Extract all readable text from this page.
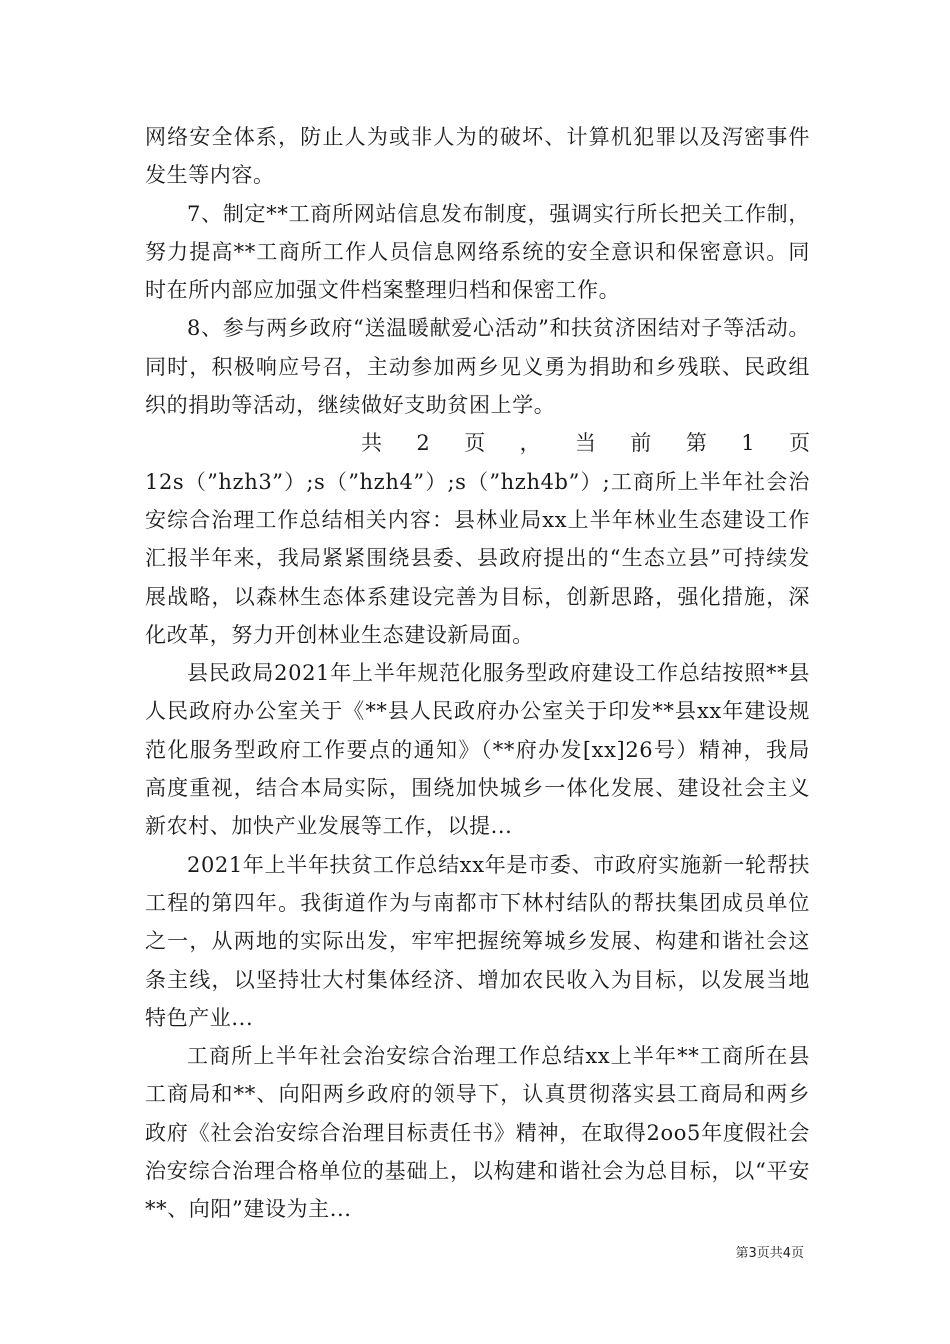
网络安全体系，防止人为或非人为的破坏、计算机犯罪以及泻密事件发生等内容。

7、制定**工商所网站信息发布制度，强调实行所长把关工作制，努力提高**工商所工作人员信息网络系统的安全意识和保密意识。同时在所内部应加强文件档案整理归档和保密工作。

8、参与两乡政府“送温暖献爱心活动”和扶贫济困结对子等活动。同时，积极响应号召，主动参加两乡见义勇为捐助和乡残联、民政组织的捐助等活动，继续做好支助贫困上学。

共 2 页 ， 当 前 第 1 页

12s（”hzh3”）;s（”hzh4”）;s（”hzh4b”）;工商所上半年社会治安综合治理工作总结相关内容：县林业局xx上半年林业生态建设工作汇报半年来，我局紧紧围绕县委、县政府提出的“生态立县”可持续发展战略，以森林生态体系建设完善为目标，创新思路，强化措施，深化改革，努力开创林业生态建设新局面。

县民政局2021年上半年规范化服务型政府建设工作总结按照**县人民政府办公室关于《**县人民政府办公室关于印发**县xx年建设规范化服务型政府工作要点的通知》（**府办发[xx]26号）精神，我局高度重视，结合本局实际，围绕加快城乡一体化发展、建设社会主义新农村、加快产业发展等工作，以提...

2021年上半年扶贫工作总结xx年是市委、市政府实施新一轮帮扶工程的第四年。我街道作为与南都市下林村结队的帮扶集团成员单位之一，从两地的实际出发，牢牢把握统筹城乡发展、构建和谐社会这条主线，以坚持壮大村集体经济、增加农民收入为目标，以发展当地特色产业...

工商所上半年社会治安综合治理工作总结xx上半年**工商所在县工商局和**、向阳两乡政府的领导下，认真贯彻落实县工商局和两乡政府《社会治安综合治理目标责任书》精神，在取得2oo5年度假社会治安综合治理合格单位的基础上，以构建和谐社会为总目标，以“平安**、向阳”建设为主...

第3页共4页
